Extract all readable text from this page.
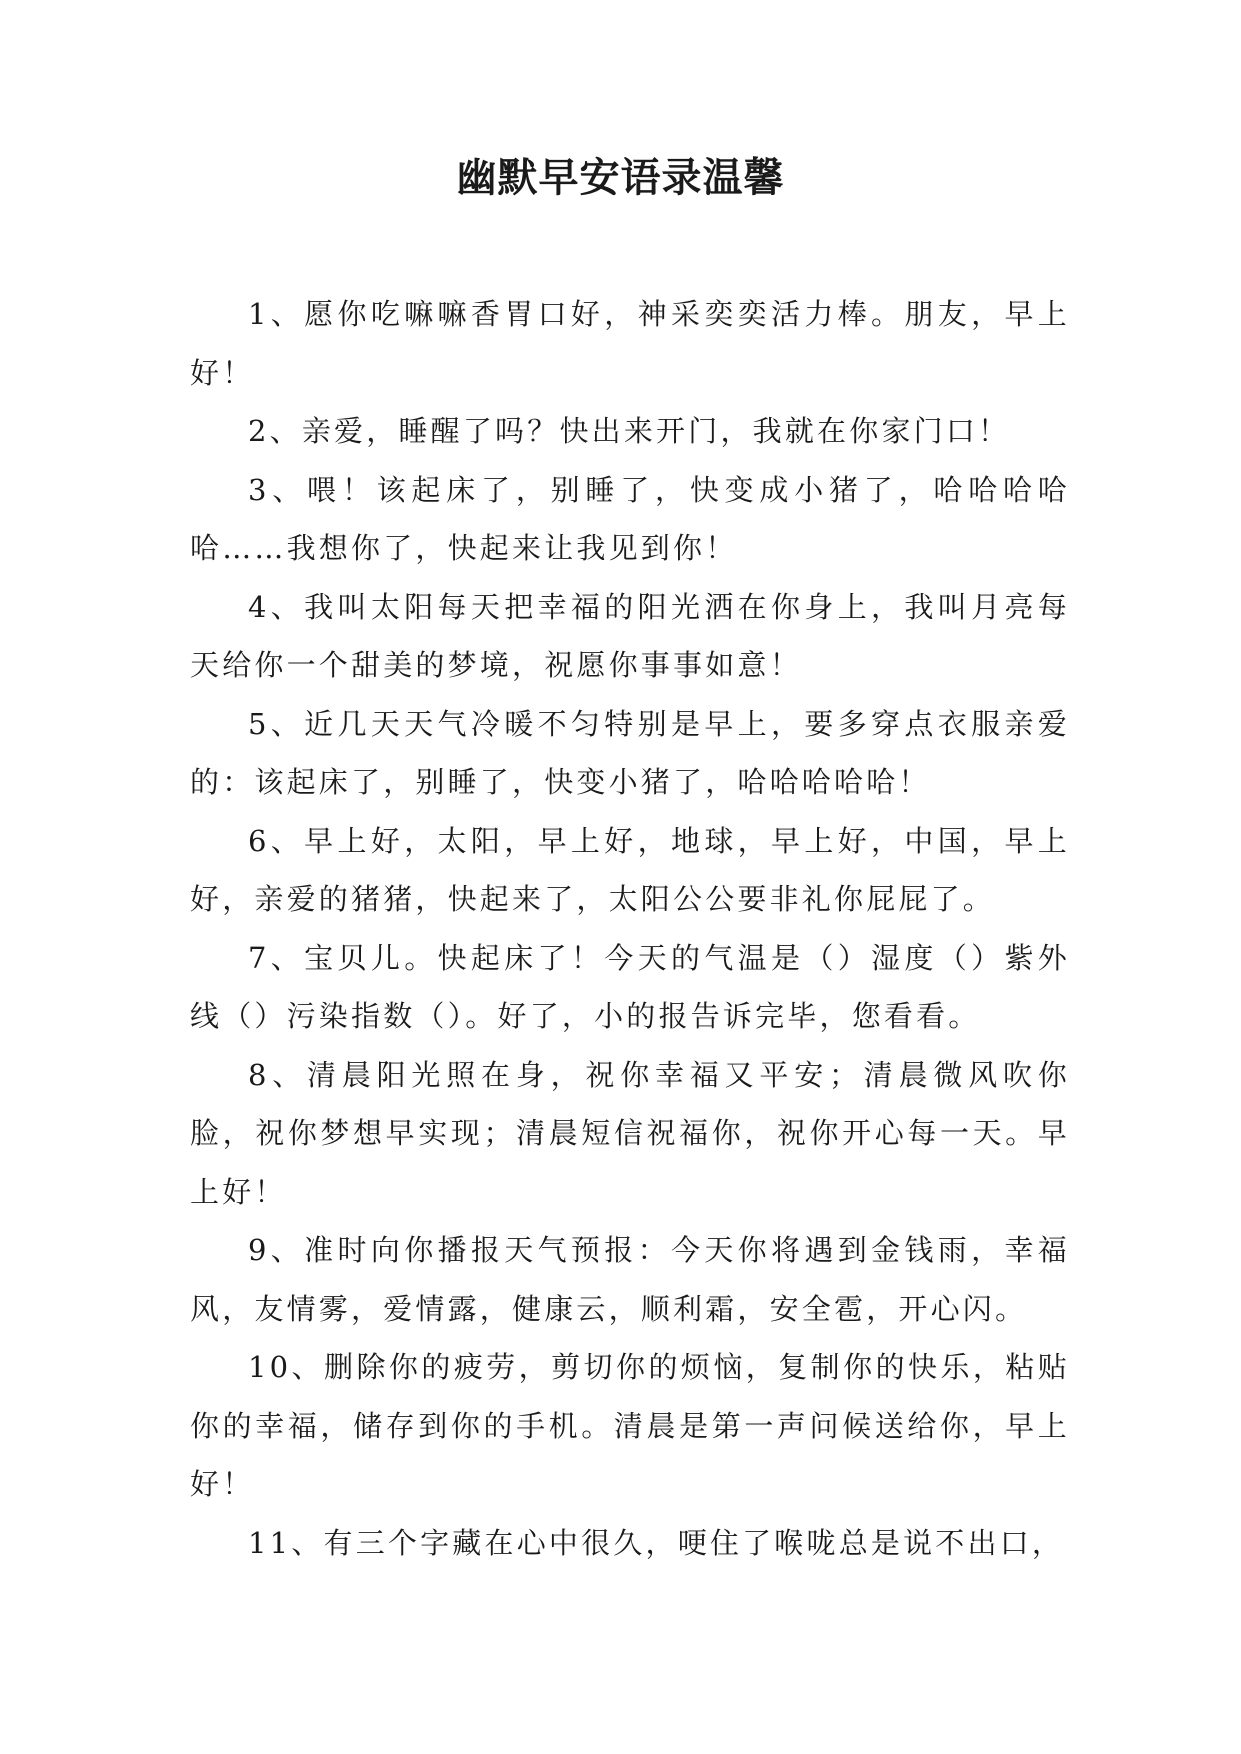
幽默早安语录温馨

1、愿你吃嘛嘛香胃口好，神采奕奕活力棒。朋友，早上好！

2、亲爱，睡醒了吗？快出来开门，我就在你家门口！

3、喂！该起床了，别睡了，快变成小猪了，哈哈哈哈哈……我想你了，快起来让我见到你！

4、我叫太阳每天把幸福的阳光洒在你身上，我叫月亮每天给你一个甜美的梦境，祝愿你事事如意！

5、近几天天气冷暖不匀特别是早上，要多穿点衣服亲爱的：该起床了，别睡了，快变小猪了，哈哈哈哈哈！

6、早上好，太阳，早上好，地球，早上好，中国，早上好，亲爱的猪猪，快起来了，太阳公公要非礼你屁屁了。

7、宝贝儿。快起床了！今天的气温是（）湿度（）紫外线（）污染指数（）。好了，小的报告诉完毕，您看看。

8、清晨阳光照在身，祝你幸福又平安；清晨微风吹你脸，祝你梦想早实现；清晨短信祝福你，祝你开心每一天。早上好！

9、准时向你播报天气预报：今天你将遇到金钱雨，幸福风，友情雾，爱情露，健康云，顺利霜，安全雹，开心闪。

10、删除你的疲劳，剪切你的烦恼，复制你的快乐，粘贴你的幸福，储存到你的手机。清晨是第一声问候送给你，早上好！

11、有三个字藏在心中很久，哽住了喉咙总是说不出口，
